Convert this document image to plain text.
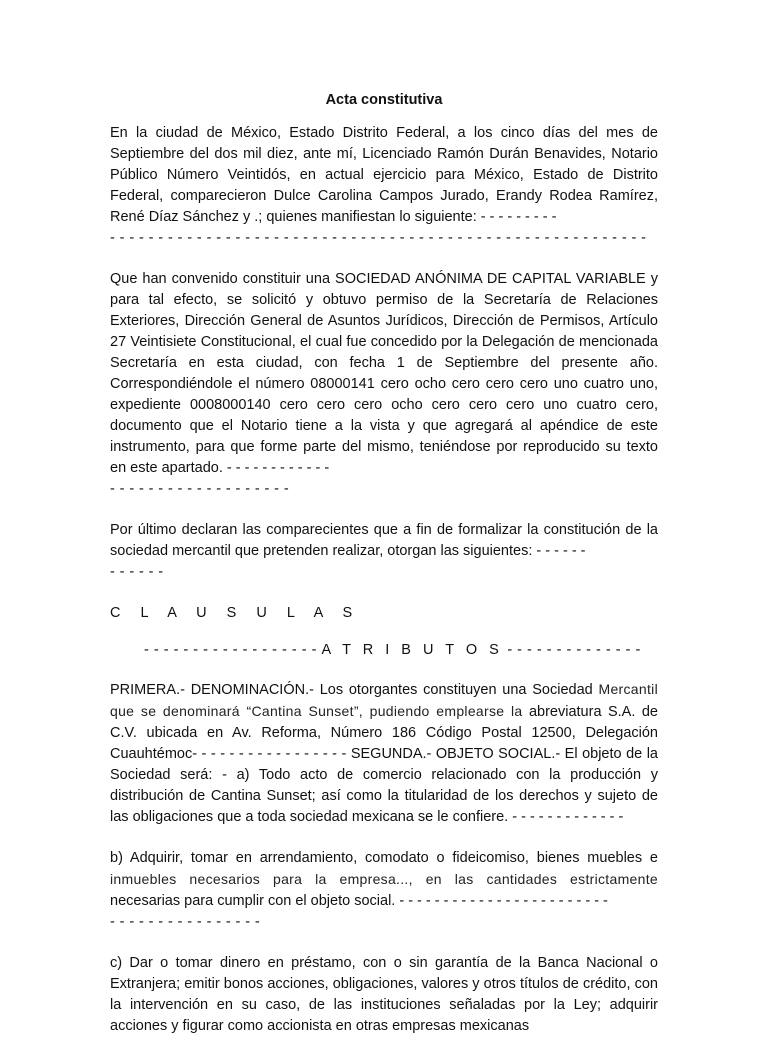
Acta constitutiva

En la ciudad de México, Estado Distrito Federal, a los cinco días del mes de Septiembre del dos mil diez, ante mí, Licenciado Ramón Durán Benavides, Notario Público Número Veintidós, en actual ejercicio para México, Estado de Distrito Federal, comparecieron Dulce Carolina Campos Jurado, Erandy Rodea Ramírez, René Díaz Sánchez y .; quienes manifiestan lo siguiente: - - - - - - - - -
- - - - - - - - - - - - - - - - - - - - - - - - - - - - - - - - - - - - - - - - - - - - - - - - - - - - - - - -

Que han convenido constituir una SOCIEDAD ANÓNIMA DE CAPITAL VARIABLE y para tal efecto, se solicitó y obtuvo permiso de la Secretaría de Relaciones Exteriores, Dirección General de Asuntos Jurídicos, Dirección de Permisos, Artículo 27 Veintisiete Constitucional, el cual fue concedido por la Delegación de mencionada Secretaría en esta ciudad, con fecha 1 de Septiembre del presente año. Correspondiéndole el número 08000141 cero ocho cero cero cero uno cuatro uno, expediente 0008000140 cero cero cero ocho cero cero cero uno cuatro cero, documento que el Notario tiene a la vista y que agregará al apéndice de este instrumento, para que forme parte del mismo, teniéndose por reproducido su texto en este apartado. - - - - - - - - - - - -
- - - - - - - - - - - - - - - - - - -

Por último declaran las comparecientes que a fin de formalizar la constitución de la sociedad mercantil que pretenden realizar, otorgan las siguientes: - - - - - -
- - - - - -

C L A U S U L A S
- - - - - - - - - - - - - - - - - - A T R I B U T O S - - - - - - - - - - - - - -

PRIMERA.- DENOMINACIÓN.- Los otorgantes constituyen una Sociedad Mercantil que se denominará “Cantina Sunset”, pudiendo emplearse la abreviatura S.A. de C.V. ubicada en Av. Reforma, Número 186 Código Postal 12500, Delegación Cuauhtémoc- - - - - - - - - - - - - - - - - SEGUNDA.- OBJETO SOCIAL.- El objeto de la Sociedad será: - a) Todo acto de comercio relacionado con la producción y distribución de Cantina Sunset; así como la titularidad de los derechos y sujeto de las obligaciones que a toda sociedad mexicana se le confiere. - - - - - - - - - - - - -

b) Adquirir, tomar en arrendamiento, comodato o fideicomiso, bienes muebles e inmuebles necesarios para la empresa..., en las cantidades estrictamente necesarias para cumplir con el objeto social. - - - - - - - - - - - - - - - - - - - - - - - -
- - - - - - - - - - - - - - - -

c) Dar o tomar dinero en préstamo, con o sin garantía de la Banca Nacional o Extranjera; emitir bonos acciones, obligaciones, valores y otros títulos de crédito, con la intervención en su caso, de las instituciones señaladas por la Ley; adquirir acciones y figurar como accionista en otras empresas mexicanas
